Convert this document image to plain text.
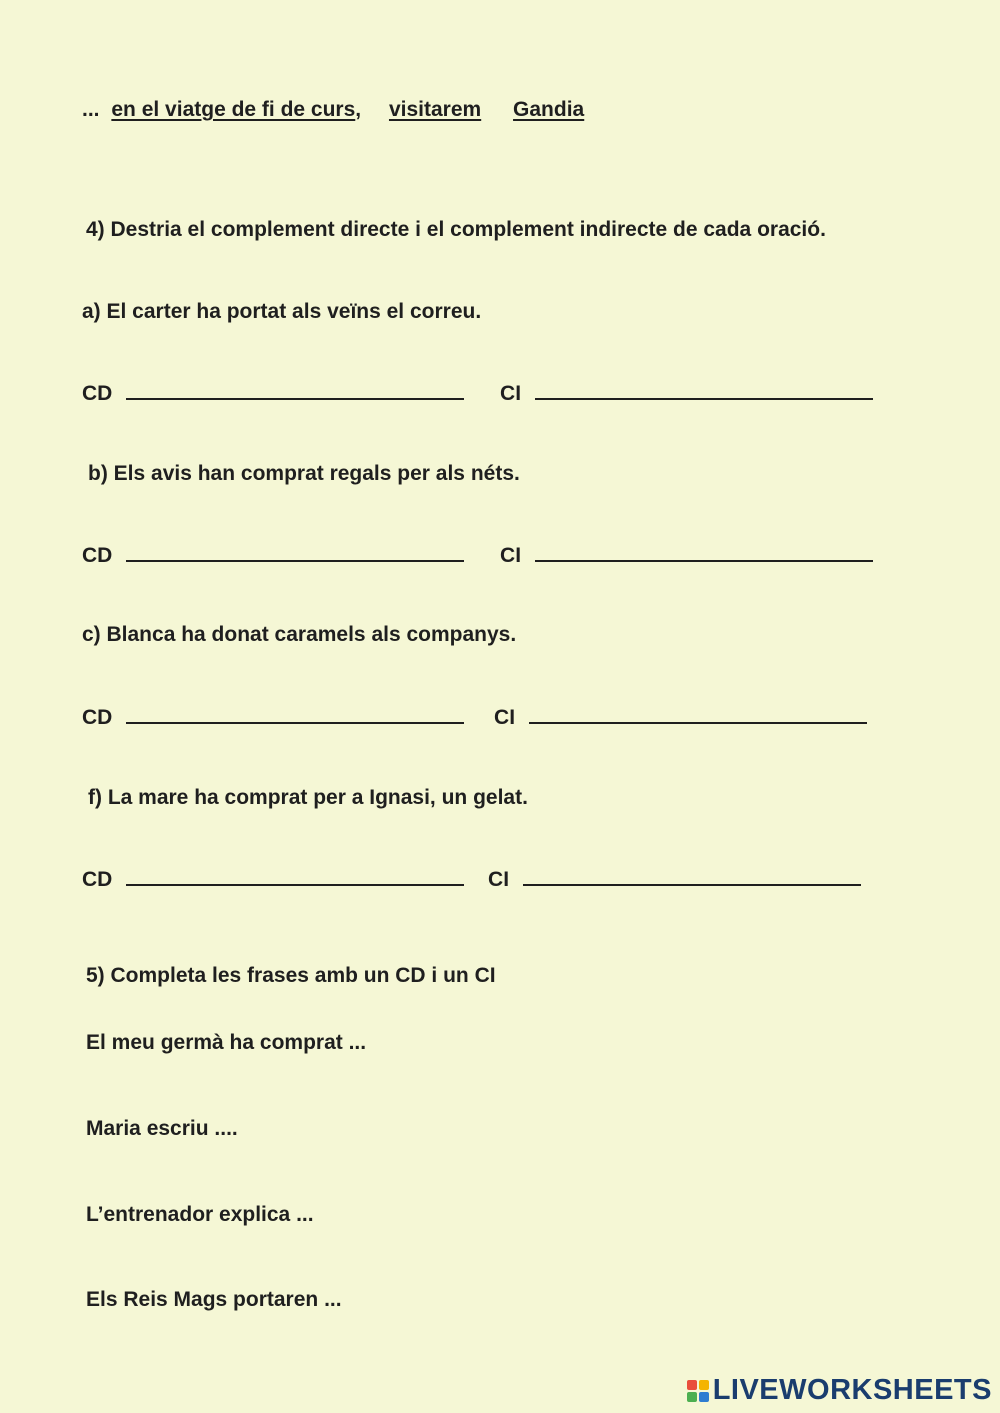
... en el viatge de fi de curs, visitarem Gandia
4) Destria el complement directe i el complement indirecte de cada oració.
a) El carter ha portat als veïns el correu.
CD	CI
b) Els avis han comprat regals per als néts.
CD	CI
c) Blanca ha donat caramels als companys.
CD	CI
f) La mare ha comprat per a Ignasi, un gelat.
CD	CI
5) Completa les frases amb un CD i un CI
El meu germà ha comprat ...
Maria escriu ....
L’entrenador explica ...
Els Reis Mags portaren ...
LIVEWORKSHEETS
